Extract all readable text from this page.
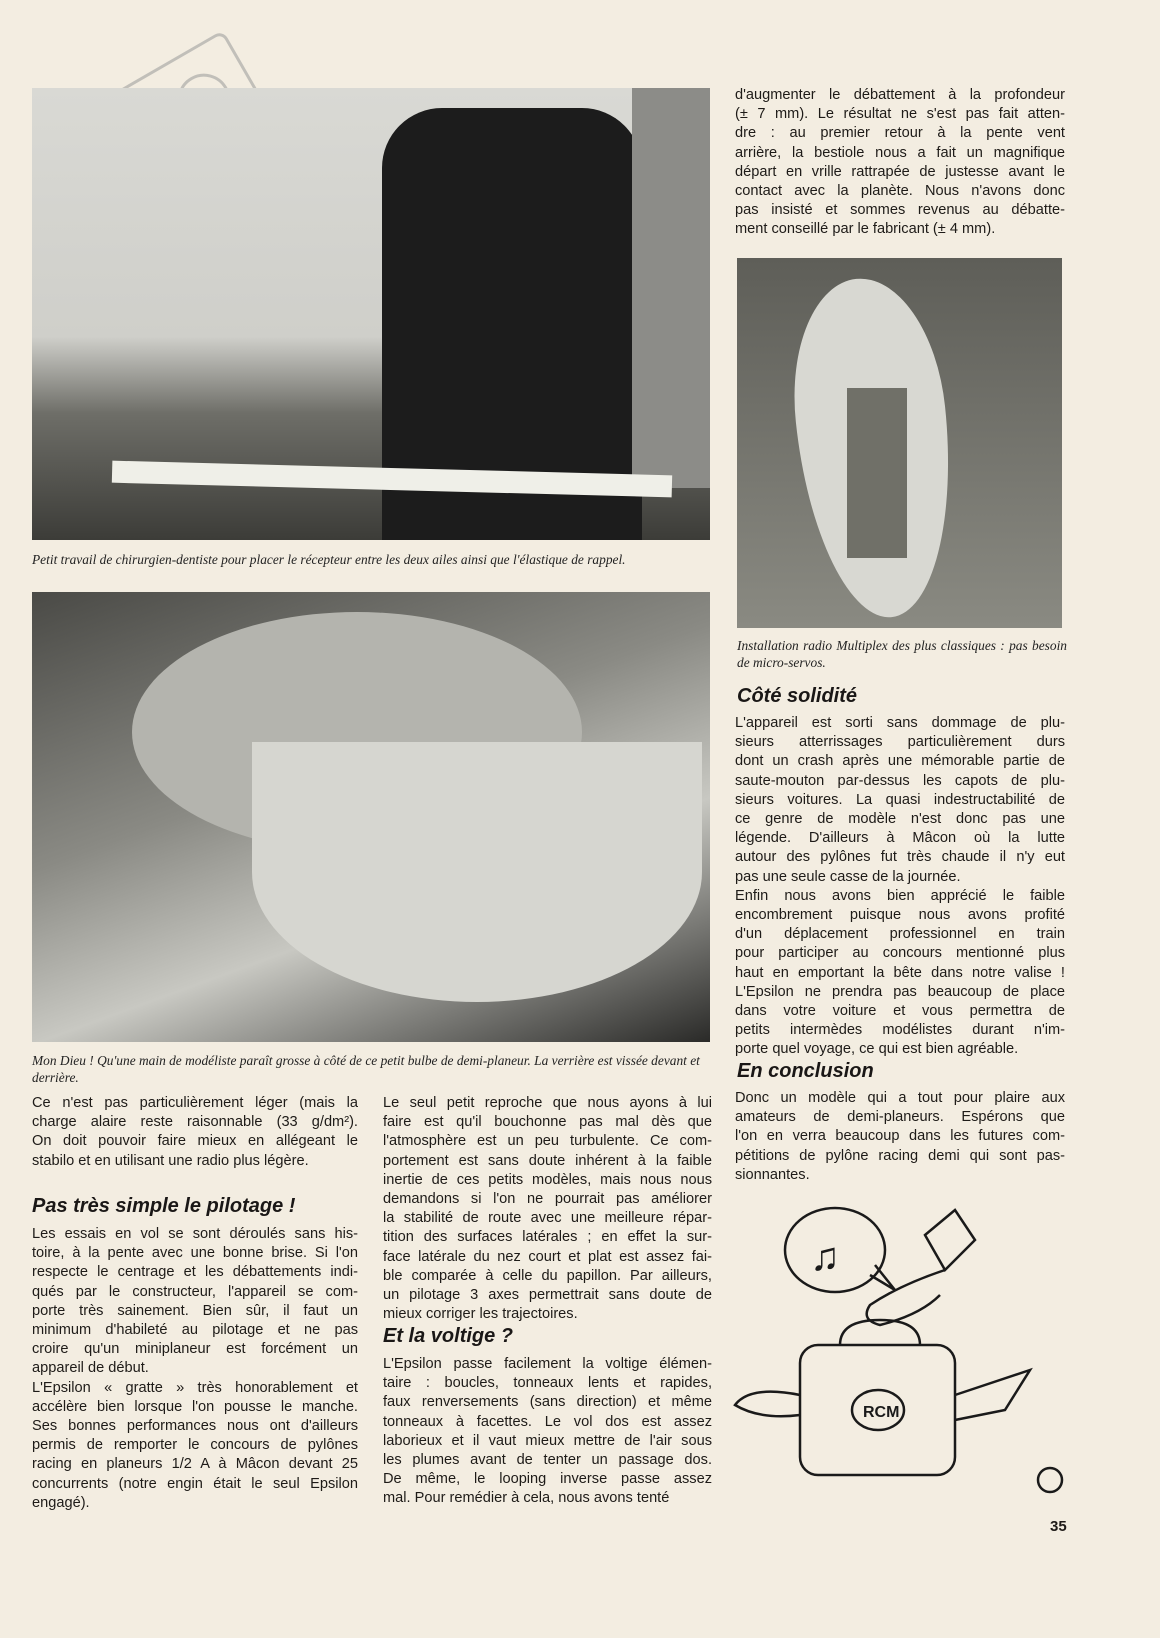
Petit travail de chirurgien-dentiste pour placer le récepteur entre les deux ailes ainsi que l'élastique de rappel.
Mon Dieu ! Qu'une main de modéliste paraît grosse à côté de ce petit bulbe de demi-planeur. La verrière est vissée devant et derrière.
Installation radio Multiplex des plus classiques : pas besoin de micro-servos.
Ce n'est pas particulièrement léger (mais la
charge alaire reste raisonnable (33 g/dm²).
On doit pouvoir faire mieux en allégeant le
stabilo et en utilisant une radio plus légère.
Pas très simple le pilotage !
Les essais en vol se sont déroulés sans his-
toire, à la pente avec une bonne brise. Si l'on
respecte le centrage et les débattements indi-
qués par le constructeur, l'appareil se com-
porte très sainement. Bien sûr, il faut un
minimum d'habileté au pilotage et ne pas
croire qu'un miniplaneur est forcément un
appareil de début.
L'Epsilon « gratte » très honorablement et
accélère bien lorsque l'on pousse le manche.
Ses bonnes performances nous ont d'ailleurs
permis de remporter le concours de pylônes
racing en planeurs 1/2 A à Mâcon devant 25
concurrents (notre engin était le seul Epsilon
engagé).
Le seul petit reproche que nous ayons à lui
faire est qu'il bouchonne pas mal dès que
l'atmosphère est un peu turbulente. Ce com-
portement est sans doute inhérent à la faible
inertie de ces petits modèles, mais nous nous
demandons si l'on ne pourrait pas améliorer
la stabilité de route avec une meilleure répar-
tition des surfaces latérales ; en effet la sur-
face latérale du nez court et plat est assez fai-
ble comparée à celle du papillon. Par ailleurs,
un pilotage 3 axes permettrait sans doute de
mieux corriger les trajectoires.
Et la voltige ?
L'Epsilon passe facilement la voltige élémen-
taire : boucles, tonneaux lents et rapides,
faux renversements (sans direction) et même
tonneaux à facettes. Le vol dos est assez
laborieux et il vaut mieux mettre de l'air sous
les plumes avant de tenter un passage dos.
De même, le looping inverse passe assez
mal. Pour remédier à cela, nous avons tenté
d'augmenter le débattement à la profondeur
(± 7 mm). Le résultat ne s'est pas fait atten-
dre : au premier retour à la pente vent
arrière, la bestiole nous a fait un magnifique
départ en vrille rattrapée de justesse avant le
contact avec la planète. Nous n'avons donc
pas insisté et sommes revenus au débatte-
ment conseillé par le fabricant (± 4 mm).
Côté solidité
L'appareil est sorti sans dommage de plu-
sieurs atterrissages particulièrement durs
dont un crash après une mémorable partie de
saute-mouton par-dessus les capots de plu-
sieurs voitures. La quasi indestructabilité de
ce genre de modèle n'est donc pas une
légende. D'ailleurs à Mâcon où la lutte
autour des pylônes fut très chaude il n'y eut
pas une seule casse de la journée.
Enfin nous avons bien apprécié le faible
encombrement puisque nous avons profité
d'un déplacement professionnel en train
pour participer au concours mentionné plus
haut en emportant la bête dans notre valise !
L'Epsilon ne prendra pas beaucoup de place
dans votre voiture et vous permettra de
petits intermèdes modélistes durant n'im-
porte quel voyage, ce qui est bien agréable.
En conclusion
Donc un modèle qui a tout pour plaire aux
amateurs de demi-planeurs. Espérons que
l'on en verra beaucoup dans les futures com-
pétitions de pylône racing demi qui sont pas-
sionnantes.
♫
RCM
35
